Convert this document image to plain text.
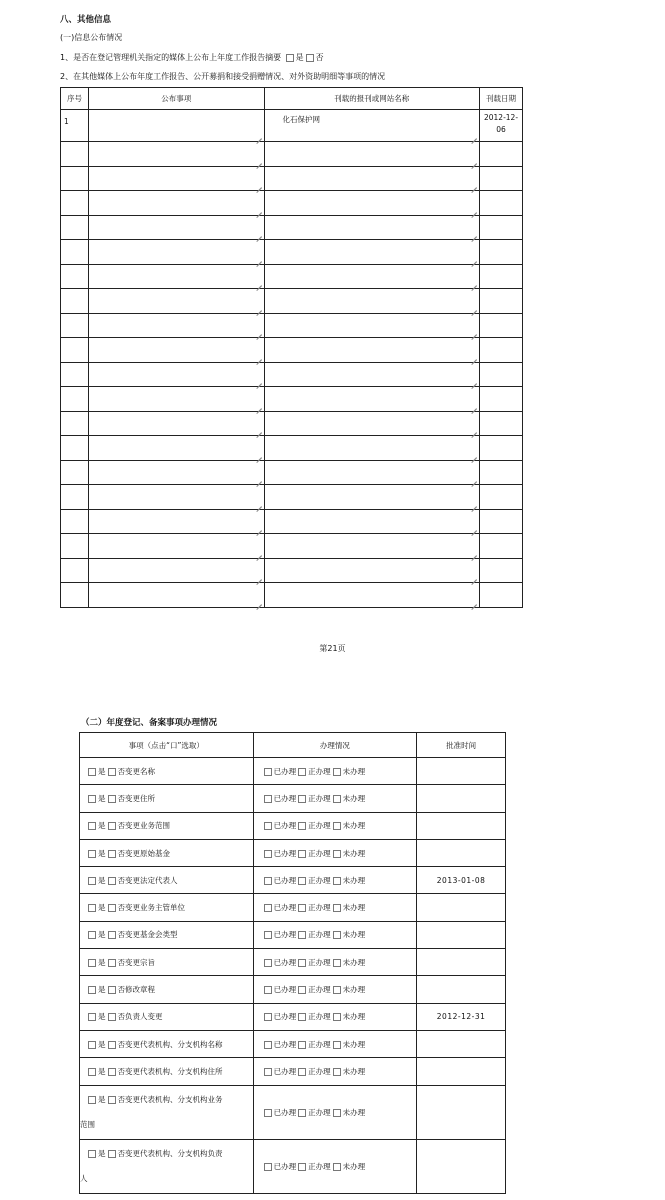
八、其他信息
(一)信息公布情况
1、是否在登记管理机关指定的媒体上公布上年度工作报告摘要 是 否
2、在其他媒体上公布年度工作报告、公开募捐和接受捐赠情况、对外资助明细等事项的情况
序号	公布事项	刊载的报刊或网站名称	刊载日期
1		化石保护网	2012-12-
06

第21页
（二）年度登记、备案事项办理情况
事项（点击“口”选取）	办理情况	批准时间

是 否变更名称	已办理 正办理 未办理	

是 否变更住所	已办理 正办理 未办理	

是 否变更业务范围	已办理 正办理 未办理	

是 否变更原始基金	已办理 正办理 未办理	

是 否变更法定代表人	已办理 正办理 未办理	2013-01-08

是 否变更业务主管单位	已办理 正办理 未办理	

是 否变更基金会类型	已办理 正办理 未办理	

是 否变更宗旨	已办理 正办理 未办理	

是 否修改章程	已办理 正办理 未办理	

是 否负责人变更	已办理 正办理 未办理	2012-12-31

是 否变更代表机构、分支机构名称	已办理 正办理 未办理	

是 否变更代表机构、分支机构住所	已办理 正办理 未办理	

是 否变更代表机构、分支机构业务
范围	已办理 正办理 未办理	

是 否变更代表机构、分支机构负责
人	已办理 正办理 未办理	
